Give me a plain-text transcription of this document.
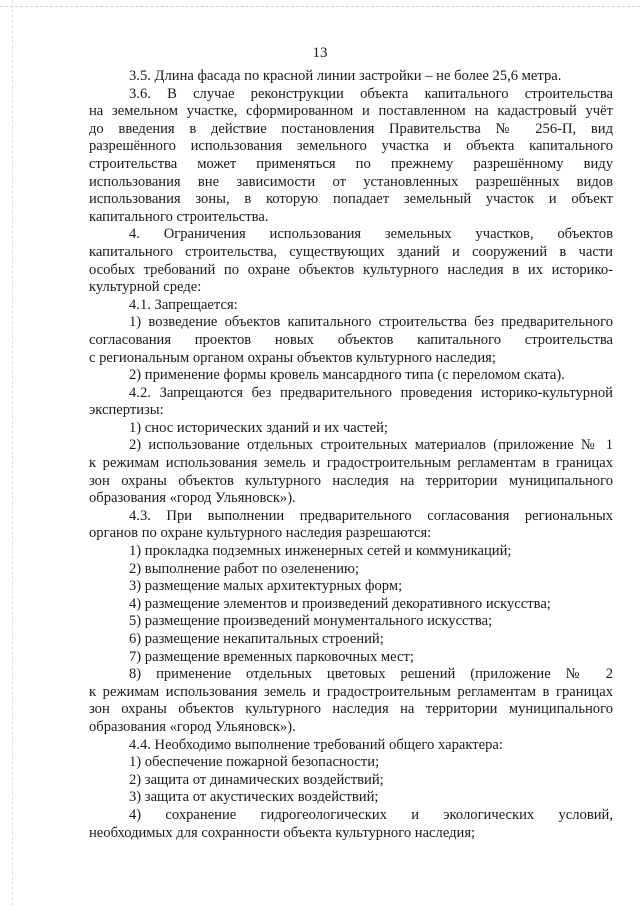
13
3.5. Длина фасада по красной линии застройки – не более 25,6 метра.
3.6. В случае реконструкции объекта капитального строительства
на земельном участке, сформированном и поставленном на кадастровый учёт
до введения в действие постановления Правительства № 256-П, вид
разрешённого использования земельного участка и объекта капитального
строительства может применяться по прежнему разрешённому виду
использования вне зависимости от установленных разрешённых видов
использования зоны, в которую попадает земельный участок и объект
капитального строительства.
4. Ограничения использования земельных участков, объектов
капитального строительства, существующих зданий и сооружений в части
особых требований по охране объектов культурного наследия в их историко-
культурной среде:
4.1. Запрещается:
1) возведение объектов капитального строительства без предварительного
согласования проектов новых объектов капитального строительства
с региональным органом охраны объектов культурного наследия;
2) применение формы кровель мансардного типа (с переломом ската).
4.2. Запрещаются без предварительного проведения историко-культурной
экспертизы:
1) снос исторических зданий и их частей;
2) использование отдельных строительных материалов (приложение № 1
к режимам использования земель и градостроительным регламентам в границах
зон охраны объектов культурного наследия на территории муниципального
образования «город Ульяновск»).
4.3. При выполнении предварительного согласования региональных
органов по охране культурного наследия разрешаются:
1) прокладка подземных инженерных сетей и коммуникаций;
2) выполнение работ по озеленению;
3) размещение малых архитектурных форм;
4) размещение элементов и произведений декоративного искусства;
5) размещение произведений монументального искусства;
6) размещение некапитальных строений;
7) размещение временных парковочных мест;
8) применение отдельных цветовых решений (приложение № 2
к режимам использования земель и градостроительным регламентам в границах
зон охраны объектов культурного наследия на территории муниципального
образования «город Ульяновск»).
4.4. Необходимо выполнение требований общего характера:
1) обеспечение пожарной безопасности;
2) защита от динамических воздействий;
3) защита от акустических воздействий;
4) сохранение гидрогеологических и экологических условий,
необходимых для сохранности объекта культурного наследия;
